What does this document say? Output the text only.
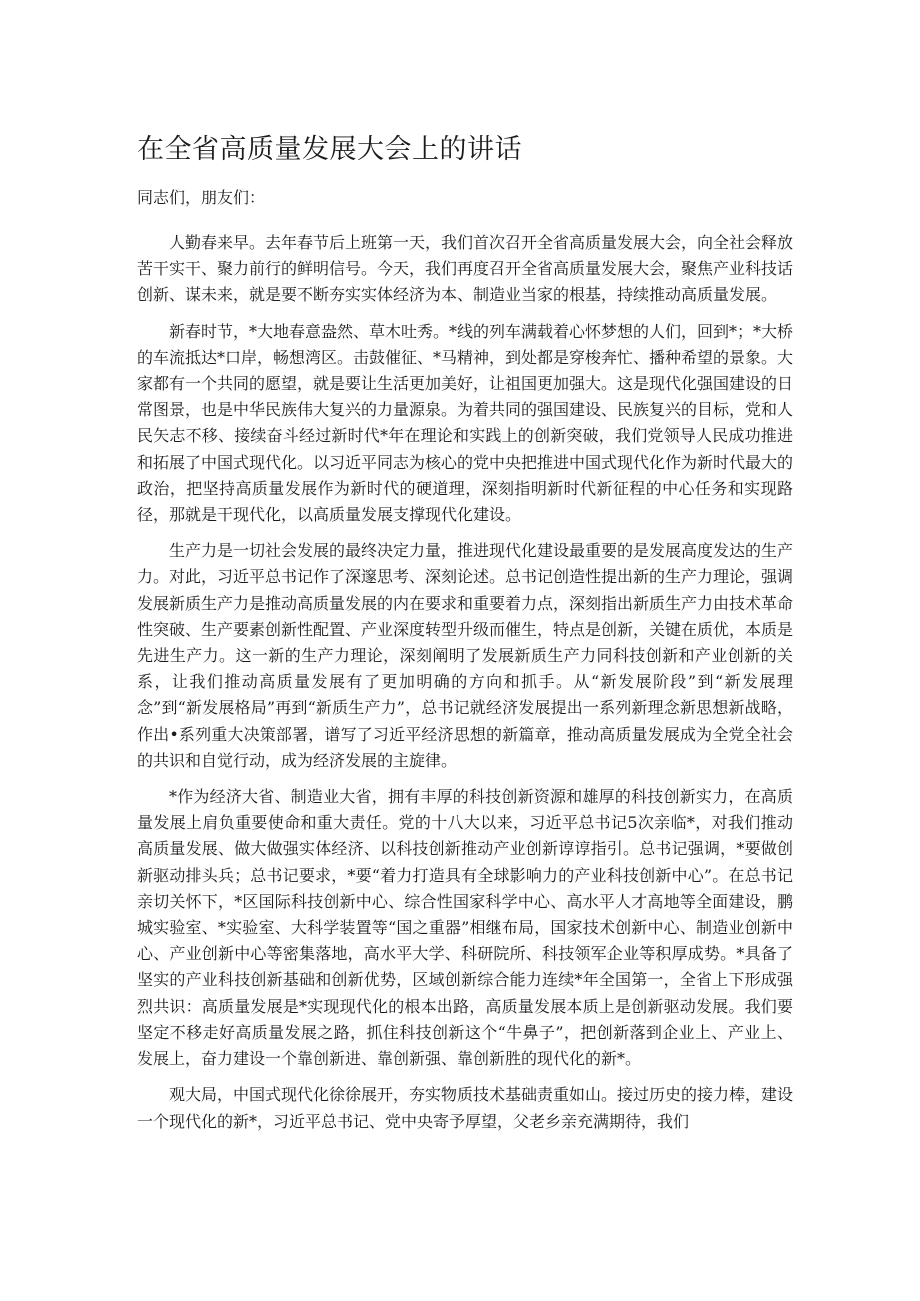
在全省高质量发展大会上的讲话

同志们，朋友们：

人勤春来早。去年春节后上班第一天，我们首次召开全省高质量发展大会，向全社会释放苦干实干、聚力前行的鲜明信号。今天，我们再度召开全省高质量发展大会，聚焦产业科技话创新、谋未来，就是要不断夯实实体经济为本、制造业当家的根基，持续推动高质量发展。

新春时节，*大地春意盎然、草木吐秀。*线的列车满载着心怀梦想的人们，回到*；*大桥的车流抵达*口岸，畅想湾区。击鼓催征、*马精神，到处都是穿梭奔忙、播种希望的景象。大家都有一个共同的愿望，就是要让生活更加美好，让祖国更加强大。这是现代化强国建设的日常图景，也是中华民族伟大复兴的力量源泉。为着共同的强国建设、民族复兴的目标，党和人民矢志不移、接续奋斗经过新时代*年在理论和实践上的创新突破，我们党领导人民成功推进和拓展了中国式现代化。以习近平同志为核心的党中央把推进中国式现代化作为新时代最大的政治，把坚持高质量发展作为新时代的硬道理，深刻指明新时代新征程的中心任务和实现路径，那就是干现代化，以高质量发展支撑现代化建设。

生产力是一切社会发展的最终决定力量，推进现代化建设最重要的是发展高度发达的生产力。对此，习近平总书记作了深邃思考、深刻论述。总书记创造性提出新的生产力理论，强调发展新质生产力是推动高质量发展的内在要求和重要着力点，深刻指出新质生产力由技术革命性突破、生产要素创新性配置、产业深度转型升级而催生，特点是创新，关键在质优，本质是先进生产力。这一新的生产力理论，深刻阐明了发展新质生产力同科技创新和产业创新的关系，让我们推动高质量发展有了更加明确的方向和抓手。从“新发展阶段”到“新发展理念”到“新发展格局”再到“新质生产力”，总书记就经济发展提出一系列新理念新思想新战略，作出•系列重大决策部署，谱写了习近平经济思想的新篇章，推动高质量发展成为全党全社会的共识和自觉行动，成为经济发展的主旋律。

*作为经济大省、制造业大省，拥有丰厚的科技创新资源和雄厚的科技创新实力，在高质量发展上肩负重要使命和重大责任。党的十八大以来，习近平总书记5次亲临*，对我们推动高质量发展、做大做强实体经济、以科技创新推动产业创新谆谆指引。总书记强调，*要做创新驱动排头兵；总书记要求，*要“着力打造具有全球影响力的产业科技创新中心”。在总书记亲切关怀下，*区国际科技创新中心、综合性国家科学中心、高水平人才高地等全面建设，鹏城实验室、*实验室、大科学装置等“国之重器”相继布局，国家技术创新中心、制造业创新中心、产业创新中心等密集落地，高水平大学、科研院所、科技领军企业等积厚成势。*具备了坚实的产业科技创新基础和创新优势，区域创新综合能力连续*年全国第一，全省上下形成强烈共识：高质量发展是*实现现代化的根本出路，高质量发展本质上是创新驱动发展。我们要坚定不移走好高质量发展之路，抓住科技创新这个“牛鼻子”，把创新落到企业上、产业上、发展上，奋力建设一个靠创新进、靠创新强、靠创新胜的现代化的新*。

观大局，中国式现代化徐徐展开，夯实物质技术基础责重如山。接过历史的接力棒，建设一个现代化的新*，习近平总书记、党中央寄予厚望，父老乡亲充满期待，我们
